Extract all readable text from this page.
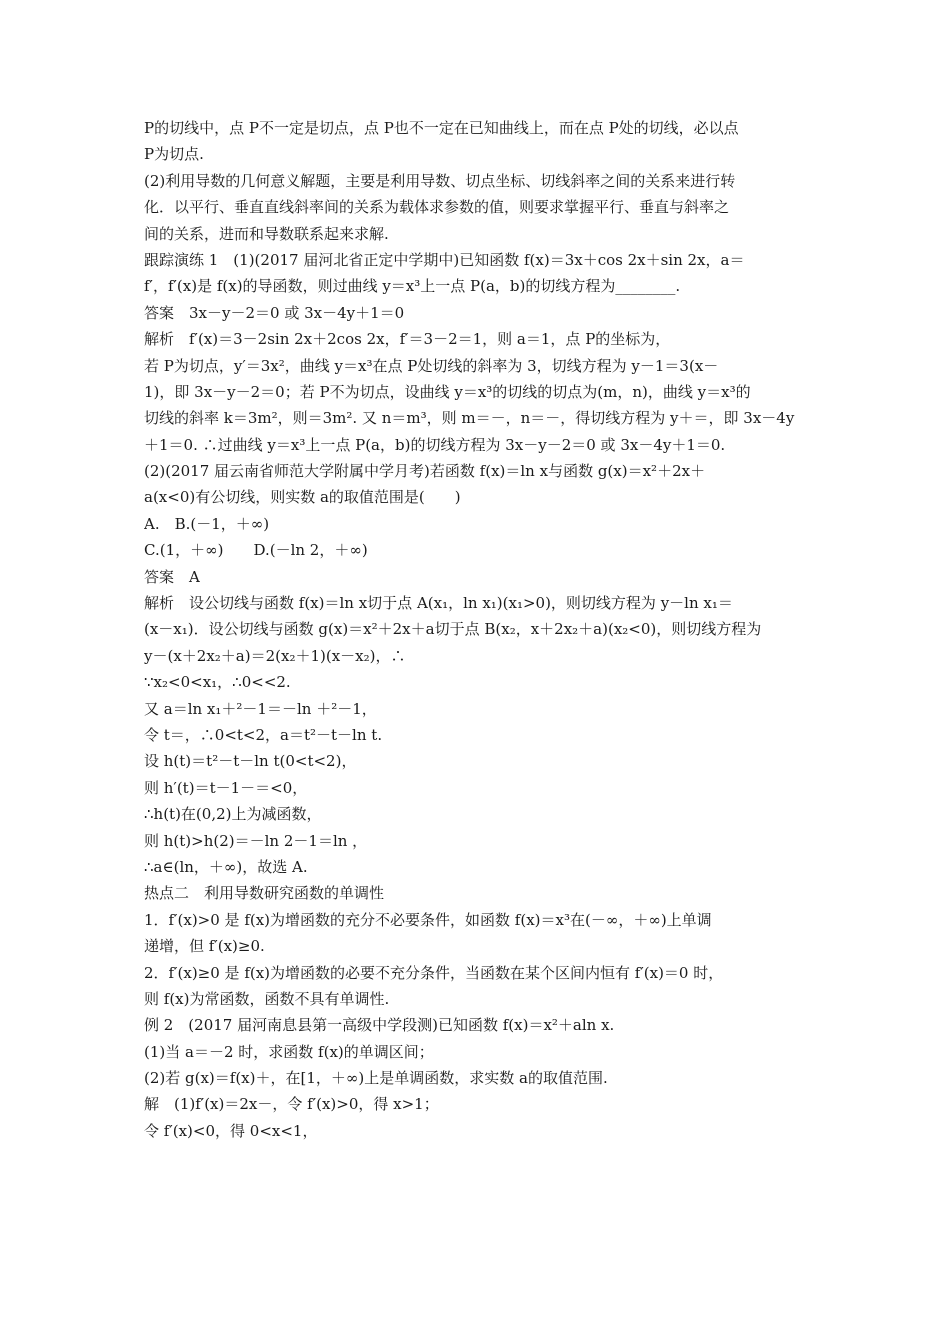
P的切线中，点 P不一定是切点，点 P也不一定在已知曲线上，而在点 P处的切线，必以点
P为切点.
(2)利用导数的几何意义解题，主要是利用导数、切点坐标、切线斜率之间的关系来进行转
化．以平行、垂直直线斜率间的关系为载体求参数的值，则要求掌握平行、垂直与斜率之
间的关系，进而和导数联系起来求解.
跟踪演练 1　(1)(2017 届河北省正定中学期中)已知函数 f(x)＝3x＋cos 2x＋sin 2x，a＝
f′，f′(x)是 f(x)的导函数，则过曲线 y＝x³上一点 P(a，b)的切线方程为________.
答案　3x－y－2＝0 或 3x－4y＋1＝0
解析　f′(x)＝3－2sin 2x＋2cos 2x，f′＝3－2＝1，则 a＝1，点 P的坐标为，
若 P为切点，y′＝3x²，曲线 y＝x³在点 P处切线的斜率为 3，切线方程为 y－1＝3(x－
1)，即 3x－y－2＝0；若 P不为切点，设曲线 y＝x³的切线的切点为(m，n)，曲线 y＝x³的
切线的斜率 k＝3m²，则＝3m². 又 n＝m³，则 m＝－，n＝－，得切线方程为 y＋＝，即 3x－4y
＋1＝0. ∴过曲线 y＝x³上一点 P(a，b)的切线方程为 3x－y－2＝0 或 3x－4y＋1＝0.
(2)(2017 届云南省师范大学附属中学月考)若函数 f(x)＝ln x与函数 g(x)＝x²＋2x＋
a(x<0)有公切线，则实数 a的取值范围是(　　)
A.　B.(－1，＋∞)
C.(1，＋∞)　　D.(－ln 2，＋∞)
答案　A
解析　设公切线与函数 f(x)＝ln x切于点 A(x₁，ln x₁)(x₁>0)，则切线方程为 y－ln x₁＝
(x－x₁)．设公切线与函数 g(x)＝x²＋2x＋a切于点 B(x₂，x＋2x₂＋a)(x₂<0)，则切线方程为
y－(x＋2x₂＋a)＝2(x₂＋1)(x－x₂)，∴
∵x₂<0<x₁，∴0<<2.
又 a＝ln x₁＋²－1＝－ln ＋²－1，
令 t＝，∴0<t<2，a＝t²－t－ln t.
设 h(t)＝t²－t－ln t(0<t<2)，
则 h′(t)＝t－1－＝<0，
∴h(t)在(0,2)上为减函数，
则 h(t)>h(2)＝－ln 2－1＝ln ，
∴a∈(ln，＋∞)，故选 A.
热点二　利用导数研究函数的单调性
1．f′(x)>0 是 f(x)为增函数的充分不必要条件，如函数 f(x)＝x³在(－∞，＋∞)上单调
递增，但 f′(x)≥0.
2．f′(x)≥0 是 f(x)为增函数的必要不充分条件，当函数在某个区间内恒有 f′(x)＝0 时，
则 f(x)为常函数，函数不具有单调性.
例 2　(2017 届河南息县第一高级中学段测)已知函数 f(x)＝x²＋aln x.
(1)当 a＝－2 时，求函数 f(x)的单调区间；
(2)若 g(x)＝f(x)＋，在[1，＋∞)上是单调函数，求实数 a的取值范围.
解　(1)f′(x)＝2x－，令 f′(x)>0，得 x>1；
令 f′(x)<0，得 0<x<1，
